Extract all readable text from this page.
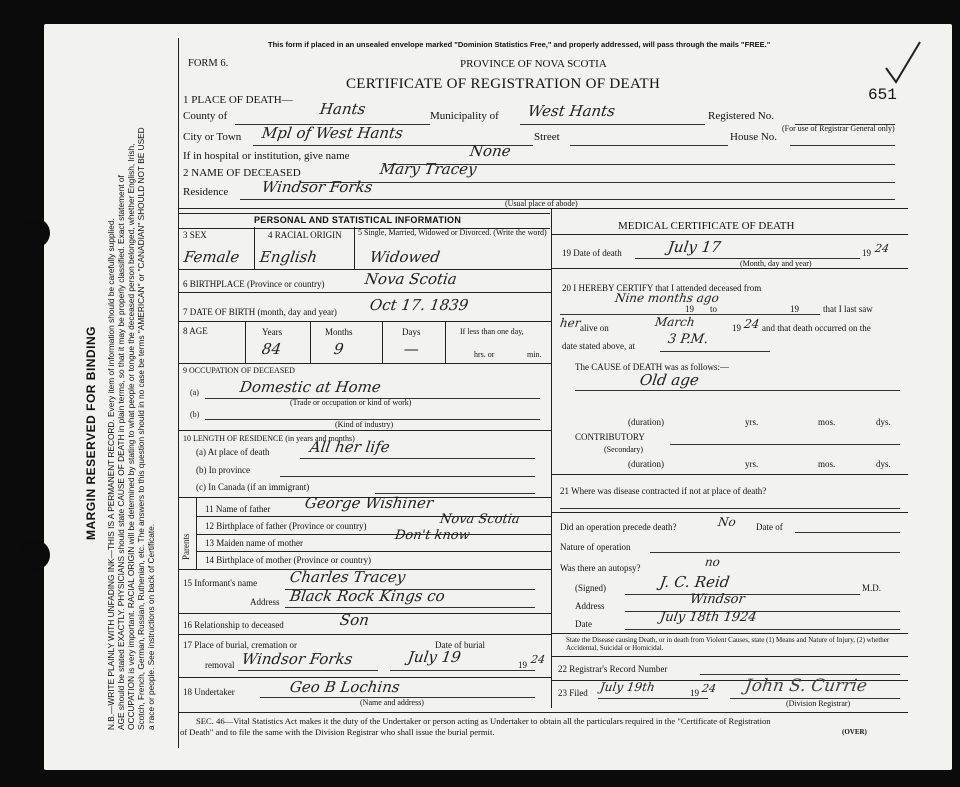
MARGIN RESERVED FOR BINDING N.B.—WRITE PLAINLY WITH UNFADING INK—THIS IS A PERMANENT RECORD. Every item of information should be carefully supplied. AGE should be stated EXACTLY. PHYSICIANS should state CAUSE OF DEATH in plain terms, so that it may be properly classified. Exact statement of OCCUPATION is very important. RACIAL ORIGIN will be determined by stating to what people or tongue the deceased person belonged, whether English, Irish, Scotch, French, German, Russian, Ruthenian, etc. The answers to this question should in no case be terms "AMERICAN" or "CANADIAN" SHOULD NOT BE USED a race or people. See instructions on back of Certificate.
This form if placed in an unsealed envelope marked "Dominion Statistics Free," and properly addressed, will pass through the mails "FREE."
FORM 6.	PROVINCE OF NOVA SCOTIA
CERTIFICATE OF REGISTRATION OF DEATH
651
1 PLACE OF DEATH—
County of	Hants	Municipality of West Hants	Registered No.
(For use of Registrar General only)
City or Town Mpl of West Hants	Street	House No.
If in hospital or institution, give name	None
2 NAME OF DECEASED	Mary Tracey
Residence Windsor Forks
(Usual place of abode)
PERSONAL AND STATISTICAL INFORMATION
3 SEX	4 RACIAL ORIGIN 5 Single, Married, Widowed or Divorced. (Write the word)
Female English	Widowed
6 BIRTHPLACE (Province or country)	Nova Scotia
7 DATE OF BIRTH (month, day and year) Oct 17. 1839
8 AGE	Years	Months	Days	If less than one day,
84	9	—	hrs. or	min.
9 OCCUPATION OF DECEASED
(a)	Domestic at Home
(Trade or occupation or kind of work)
(b)
(Kind of industry)
10 LENGTH OF RESIDENCE (in years and months)
(a) At place of death	All her life
(b) In province
(c) In Canada (if an immigrant)
Parents
11 Name of father George Wishiner
12 Birthplace of father (Province or country)	Nova Scotia
13 Maiden name of mother	Don't know
14 Birthplace of mother (Province or country)
15 Informant's name Charles Tracey
Address Black Rock Kings co
16 Relationship to deceased	Son
17 Place of burial, cremation or
removal Windsor Forks
Date of burial
July 19	19 24
18 Undertaker	Geo B Lochins
(Name and address)
MEDICAL CERTIFICATE OF DEATH
19 Date of death	July 17
(Month, day and year)
19 24
20 I HEREBY CERTIFY that I attended deceased from
Nine months ago
19 to	19	that I last saw
her
alive on	March	19 24 and that death occurred on the
date stated above, at 3 P.M.
The CAUSE of DEATH was as follows:—
Old age
(duration)	yrs.	mos.	dys.
CONTRIBUTORY
(Secondary)
(duration)	yrs.	mos.	dys.
21 Where was disease contracted if not at place of death?
Did an operation precede death?	No Date of
Nature of operation
Was there an autopsy?	no
(Signed)	J. C. Reid	M.D.
Address	Windsor
Date	July 18th 1924
State the Disease causing Death, or in death from Violent Causes, state (1) Means and Nature of Injury, (2) whether Accidental, Suicidal or Homicidal.
22 Registrar's Record Number
23 Filed July 19th	19 24 John S. Currie
(Division Registrar)
SEC. 46—Vital Statistics Act makes it the duty of the Undertaker or person acting as Undertaker to obtain all the particulars required in the "Certificate of Registration
of Death" and to file the same with the Division Registrar who shall issue the burial permit.	(OVER)
